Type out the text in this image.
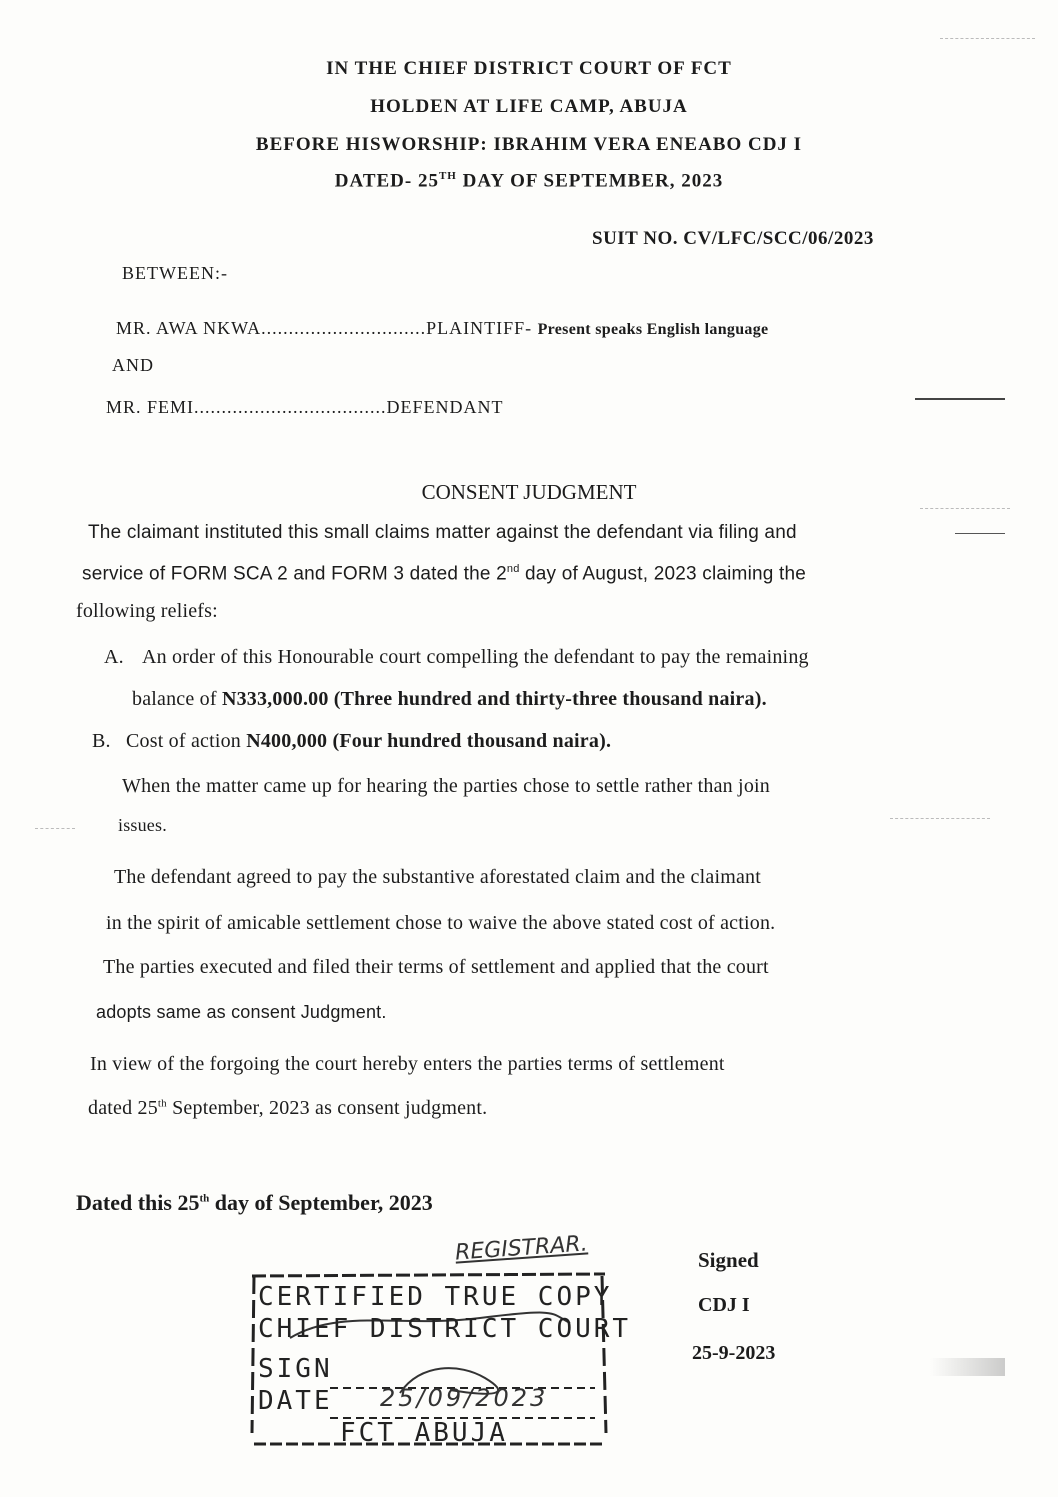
IN THE CHIEF DISTRICT COURT OF FCT
HOLDEN AT LIFE CAMP, ABUJA
BEFORE HISWORSHIP: IBRAHIM VERA ENEABO CDJ I
DATED- 25TH DAY OF SEPTEMBER, 2023
SUIT NO. CV/LFC/SCC/06/2023
BETWEEN:-
MR. AWA NKWA..............................PLAINTIFF- Present speaks English language
AND
MR. FEMI...................................DEFENDANT
CONSENT JUDGMENT
The claimant instituted this small claims matter against the defendant via filing and
service of FORM SCA 2 and FORM 3 dated the 2nd day of August, 2023 claiming the
following reliefs:
A. An order of this Honourable court compelling the defendant to pay the remaining
balance of N333,000.00 (Three hundred and thirty-three thousand naira).
B. Cost of action N400,000 (Four hundred thousand naira).
When the matter came up for hearing the parties chose to settle rather than join
issues.
The defendant agreed to pay the substantive aforestated claim and the claimant
in the spirit of amicable settlement chose to waive the above stated cost of action.
The parties executed and filed their terms of settlement and applied that the court
adopts same as consent Judgment.
In view of the forgoing the court hereby enters the parties terms of settlement
dated 25th September, 2023 as consent judgment.
Dated this 25th day of September, 2023
REGISTRAR.
CERTIFIED TRUE COPY
CHIEF DISTRICT COURT
SIGN
DATE 25/09/2023
FCT ABUJA
Signed
CDJ I
25-9-2023
